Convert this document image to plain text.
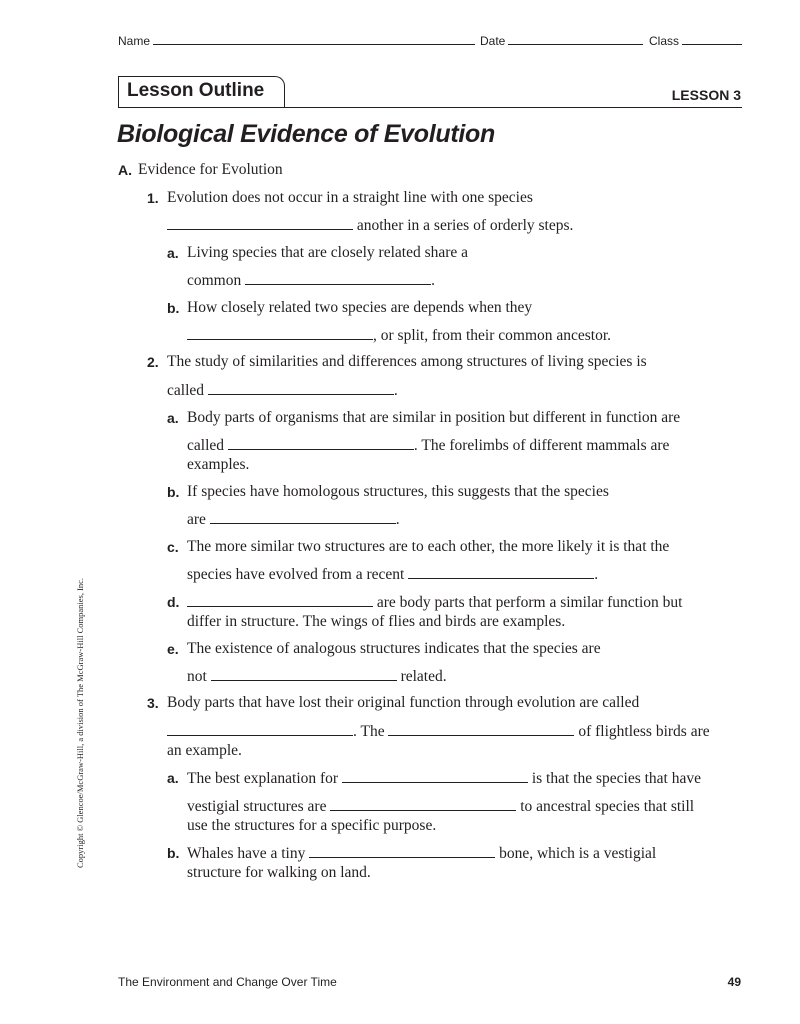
Name	Date	Class
Lesson Outline	LESSON 3
Biological Evidence of Evolution
A. Evidence for Evolution
1. Evolution does not occur in a straight line with one species
another in a series of orderly steps.
a. Living species that are closely related share a
common	.
b. How closely related two species are depends when they
, or split, from their common ancestor.
2. The study of similarities and differences among structures of living species is
called	.
a. Body parts of organisms that are similar in position but different in function are
called	. The forelimbs of different mammals are
examples.
b. If species have homologous structures, this suggests that the species
are	.
c. The more similar two structures are to each other, the more likely it is that the
species have evolved from a recent	.
d.	are body parts that perform a similar function but
differ in structure. The wings of flies and birds are examples.
e. The existence of analogous structures indicates that the species are
not	related.
3. Body parts that have lost their original function through evolution are called
. The	of flightless birds are
an example.
a. The best explanation for	is that the species that have
vestigial structures are	to ancestral species that still
use the structures for a specific purpose.
b. Whales have a tiny	bone, which is a vestigial
structure for walking on land.
Copyright © Glencoe/McGraw-Hill, a division of The McGraw-Hill Companies, Inc.
The Environment and Change Over Time	49
